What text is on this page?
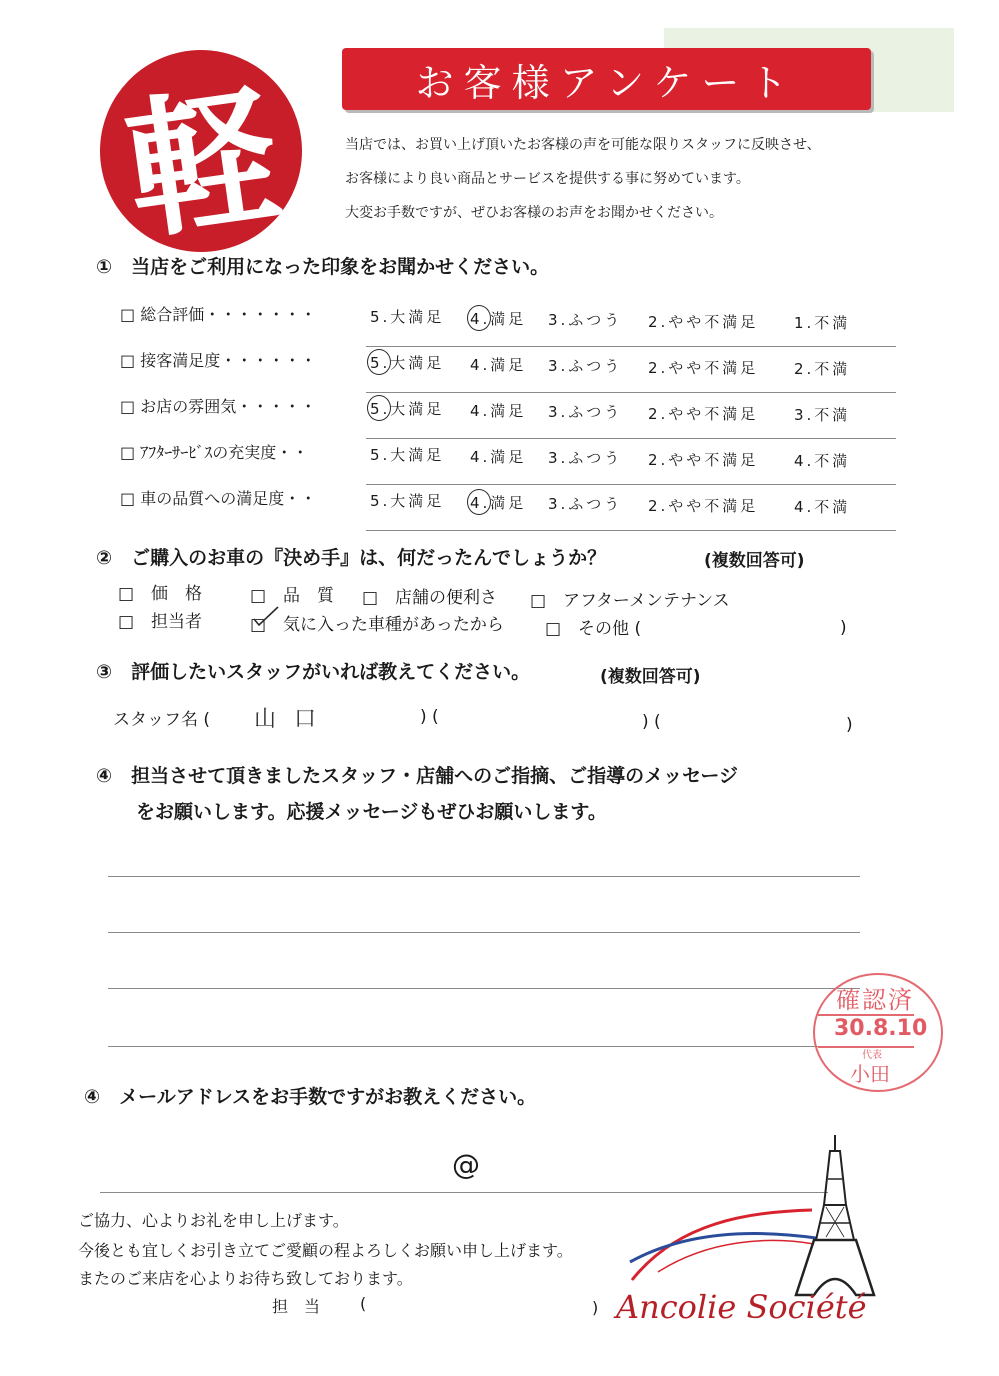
軽	お客様アンケート
当店では、お買い上げ頂いたお客様の声を可能な限りスタッフに反映させ、
お客様により良い商品とサービスを提供する事に努めています。
大変お手数ですが、ぜひお客様のお声をお聞かせください。
①　当店をご利用になった印象をお聞かせください。
□ 総合評価・・・・・・・	5.大満足 4.満足 3.ふつう 2.やや不満足 1.不満
□ 接客満足度・・・・・・	5.大満足 4.満足 3.ふつう 2.やや不満足 2.不満
□ お店の雰囲気・・・・・	5.大満足 4.満足 3.ふつう 2.やや不満足 3.不満
□ ｱﾌﾀｰｻｰﾋﾞｽの充実度・・	5.大満足 4.満足 3.ふつう 2.やや不満足 4.不満
□ 車の品質への満足度・・	5.大満足 4.満足 3.ふつう 2.やや不満足 4.不満
②　ご購入のお車の『決め手』は、何だったんでしょうか？	(複数回答可)
□　価　格	□　品　質 □　店舗の便利さ □　アフターメンテナンス
□　担当者	□　気に入った車種があったから □　その他 (	)
③　評価したいスタッフがいれば教えてください。	(複数回答可)
スタッフ名 ( 山口	) (	) (	)
④　担当させて頂きましたスタッフ・店舗へのご指摘、ご指導のメッセージ
をお願いします。応援メッセージもぜひお願いします。
確認済
30.8.10
代表
小田
④　メールアドレスをお手数ですがお教えください。
@
ご協力、心よりお礼を申し上げます。
今後とも宜しくお引き立てご愛顧の程よろしくお願い申し上げます。
またのご来店を心よりお待ち致しております。
担　当 (	) Ancolie Société
